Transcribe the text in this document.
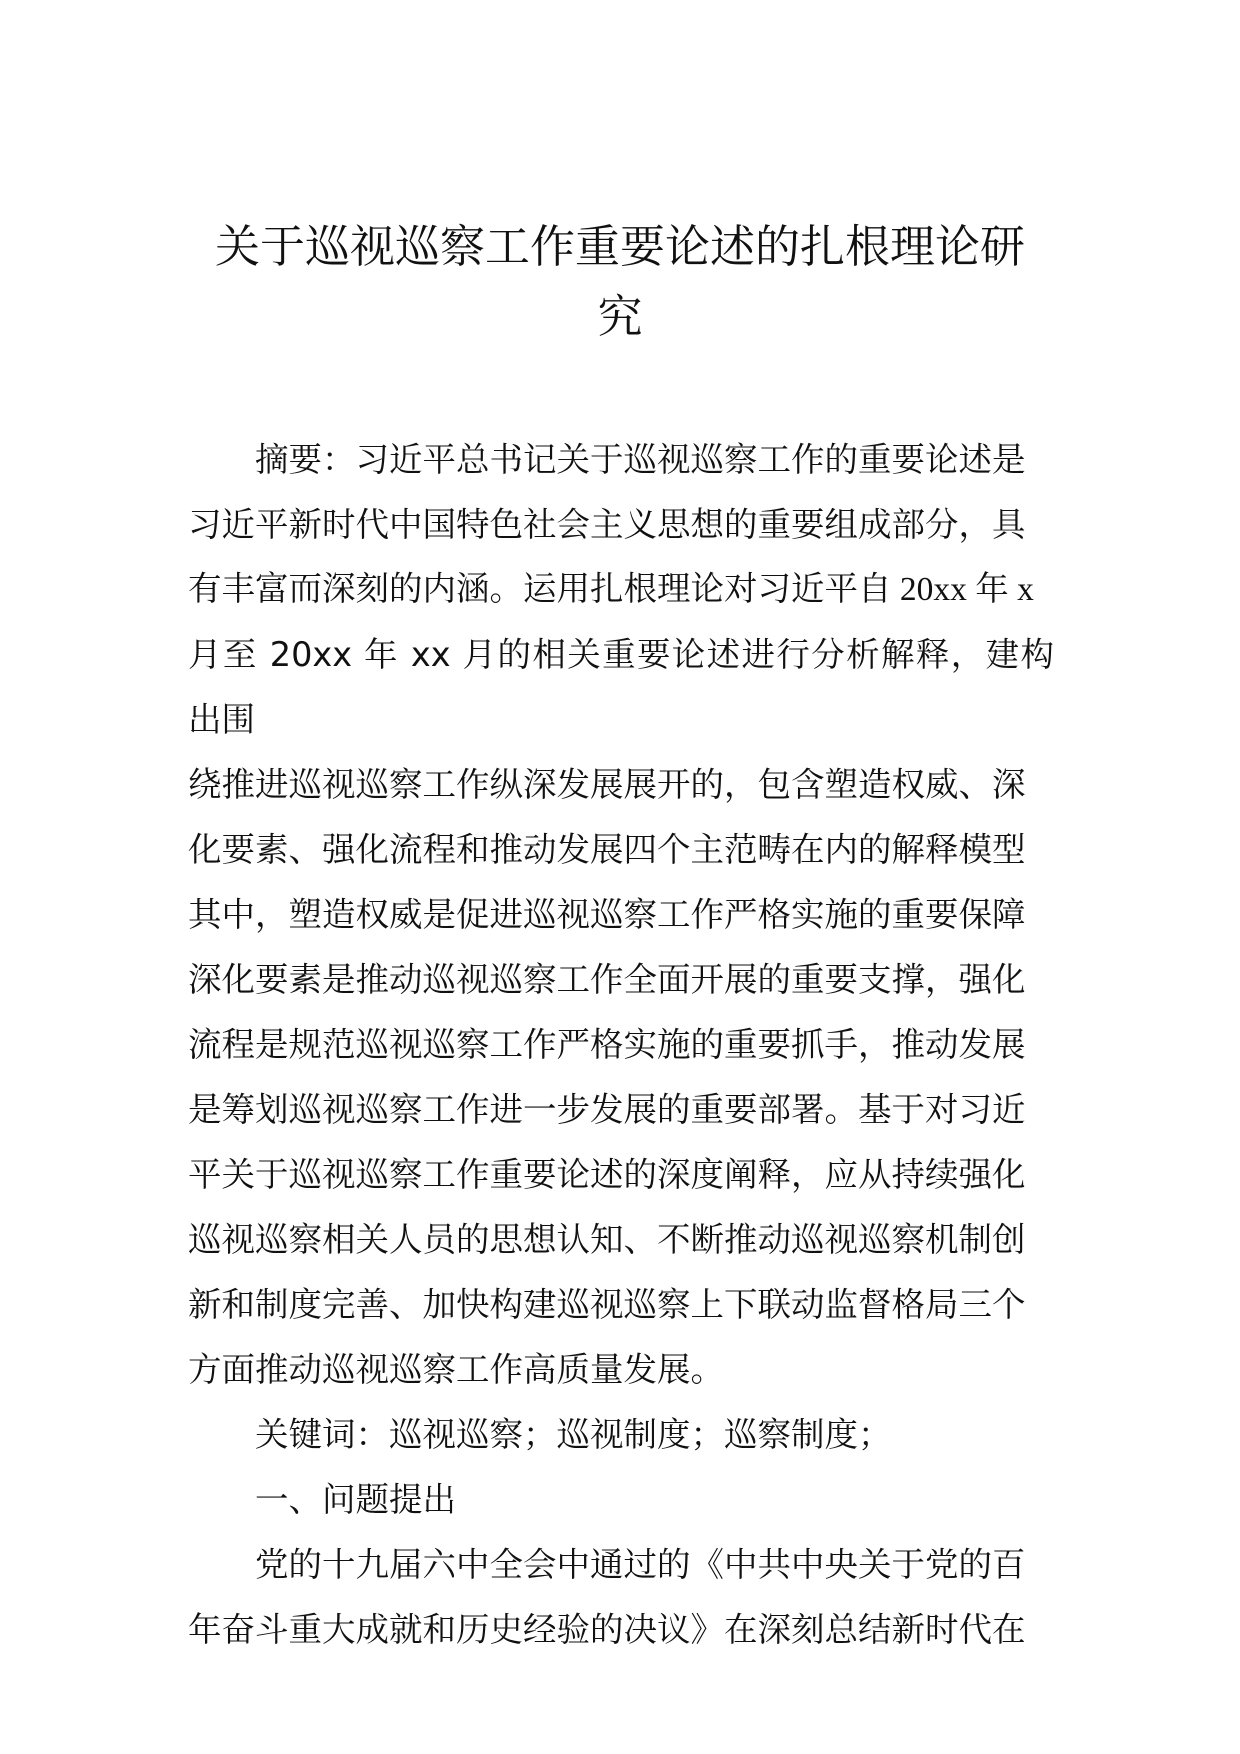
关于巡视巡察工作重要论述的扎根理论研
究

摘要：习近平总书记关于巡视巡察工作的重要论述是
习近平新时代中国特色社会主义思想的重要组成部分，具
有丰富而深刻的内涵。运用扎根理论对习近平自 20xx 年 x
月至 20xx 年 xx 月的相关重要论述进行分析解释，建构出围
绕推进巡视巡察工作纵深发展展开的，包含塑造权威、深
化要素、强化流程和推动发展四个主范畴在内的解释模型
其中，塑造权威是促进巡视巡察工作严格实施的重要保障
深化要素是推动巡视巡察工作全面开展的重要支撑，强化
流程是规范巡视巡察工作严格实施的重要抓手，推动发展
是筹划巡视巡察工作进一步发展的重要部署。基于对习近
平关于巡视巡察工作重要论述的深度阐释，应从持续强化
巡视巡察相关人员的思想认知、不断推动巡视巡察机制创
新和制度完善、加快构建巡视巡察上下联动监督格局三个
方面推动巡视巡察工作高质量发展。

关键词：巡视巡察；巡视制度；巡察制度；

一、问题提出

党的十九届六中全会中通过的《中共中央关于党的百
年奋斗重大成就和历史经验的决议》在深刻总结新时代在
